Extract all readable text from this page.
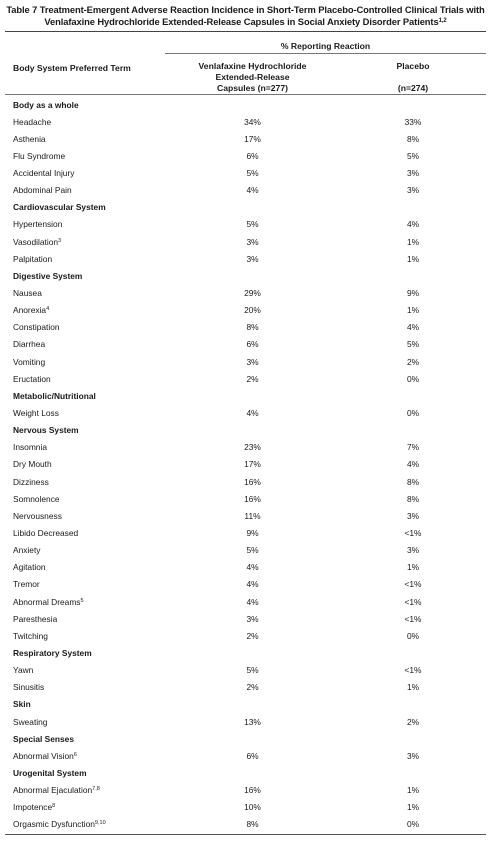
Table 7 Treatment-Emergent Adverse Reaction Incidence in Short-Term Placebo-Controlled Clinical Trials with
Venlafaxine Hydrochloride Extended-Release Capsules in Social Anxiety Disorder Patients$^{1,2}$
% Reporting Reaction
Body System Preferred Term	Venlafaxine Hydrochloride
Extended-Release
Capsules (n=277)
Placebo
(n=274)
Body as a whole
Headache	34%	33%
Asthenia	17%	8%
Flu Syndrome	6%	5%
Accidental Injury	5%	3%
Abdominal Pain	4%	3%
Cardiovascular System
Hypertension	5%	4%
Vasodilation$^3$	3%	1%
Palpitation	3%	1%
Digestive System
Nausea	29%	9%
Anorexia$^4$	20%	1%
Constipation	8%	4%
Diarrhea	6%	5%
Vomiting	3%	2%
Eructation	2%	0%
Metabolic/Nutritional
Weight Loss	4%	0%
Nervous System
Insomnia	23%	7%
Dry Mouth	17%	4%
Dizziness	16%	8%
Somnolence	16%	8%
Nervousness	11%	3%
Libido Decreased	9%	<1%
Anxiety	5%	3%
Agitation	4%	1%
Tremor	4%	<1%
Abnormal Dreams$^5$	4%	<1%
Paresthesia	3%	<1%
Twitching	2%	0%
Respiratory System
Yawn	5%	<1%
Sinusitis	2%	1%
Skin
Sweating	13%	2%
Special Senses
Abnormal Vision$^6$	6%	3%
Urogenital System
Abnormal Ejaculation$^{7,8}$	16%	1%
Impotence$^8$	10%	1%
Orgasmic Dysfunction$^{9,10}$	8%	0%
